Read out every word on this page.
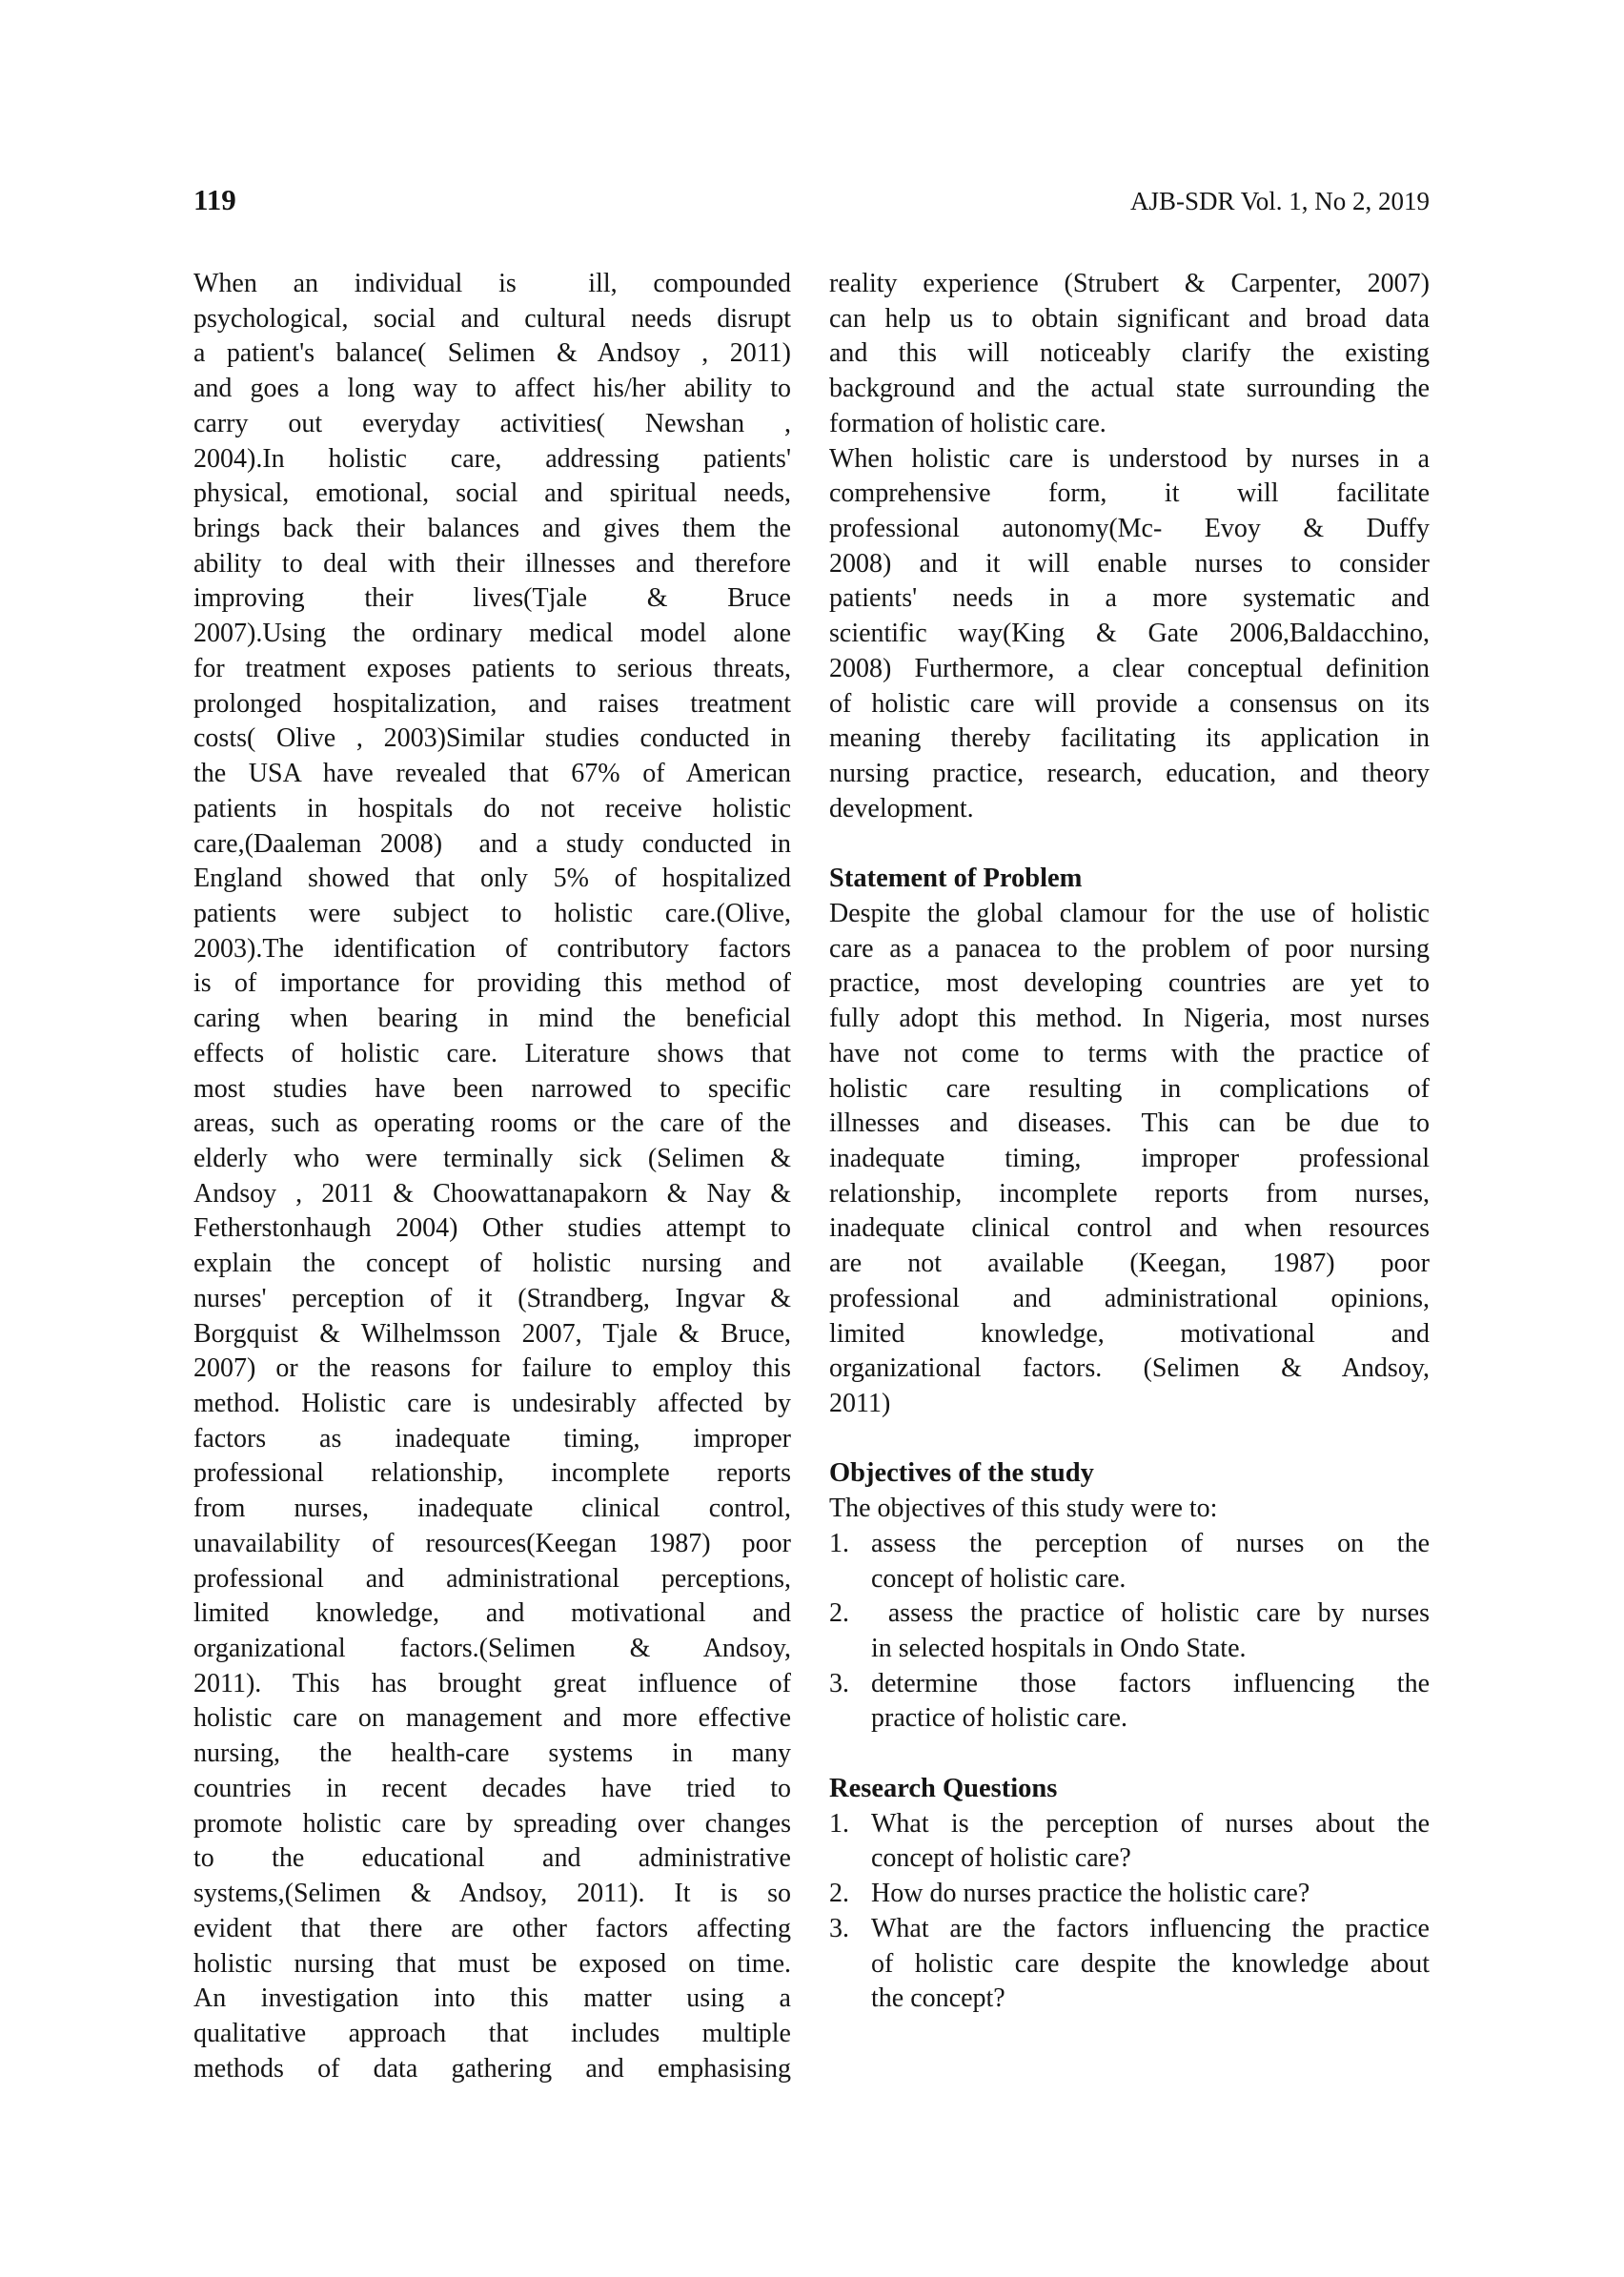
119	AJB-SDR Vol. 1, No 2, 2019
When an individual is  ill, compounded
psychological, social and cultural needs disrupt
a patient's balance( Selimen & Andsoy , 2011)
and goes a long way to affect his/her ability to
carry out everyday activities( Newshan ,
2004).In holistic care, addressing patients'
physical, emotional, social and spiritual needs,
brings back their balances and gives them the
ability to deal with their illnesses and therefore
improving their lives(Tjale & Bruce
2007).Using the ordinary medical model alone
for treatment exposes patients to serious threats,
prolonged hospitalization, and raises treatment
costs( Olive , 2003)Similar studies conducted in
the USA have revealed that 67% of American
patients in hospitals do not receive holistic
care,(Daaleman 2008)  and a study conducted in
England showed that only 5% of hospitalized
patients were subject to holistic care.(Olive,
2003).The identification of contributory factors
is of importance for providing this method of
caring when bearing in mind the beneficial
effects of holistic care. Literature shows that
most studies have been narrowed to specific
areas, such as operating rooms or the care of the
elderly who were terminally sick (Selimen &
Andsoy , 2011 & Choowattanapakorn & Nay &
Fetherstonhaugh 2004) Other studies attempt to
explain the concept of holistic nursing and
nurses' perception of it (Strandberg, Ingvar &
Borgquist & Wilhelmsson 2007, Tjale & Bruce,
2007) or the reasons for failure to employ this
method. Holistic care is undesirably affected by
factors as inadequate timing, improper
professional relationship, incomplete reports
from nurses, inadequate clinical control,
unavailability of resources(Keegan 1987) poor
professional and administrational perceptions,
limited knowledge, and motivational and
organizational factors.(Selimen & Andsoy,
2011). This has brought great influence of
holistic care on management and more effective
nursing, the health-care systems in many
countries in recent decades have tried to
promote holistic care by spreading over changes
to the educational and administrative
systems,(Selimen & Andsoy, 2011). It is so
evident that there are other factors affecting
holistic nursing that must be exposed on time.
An investigation into this matter using a
qualitative approach that includes multiple
methods of data gathering and emphasising
reality experience (Strubert & Carpenter, 2007)
can help us to obtain significant and broad data
and this will noticeably clarify the existing
background and the actual state surrounding the
formation of holistic care.
When holistic care is understood by nurses in a
comprehensive form, it will facilitate
professional autonomy(Mc- Evoy & Duffy
2008) and it will enable nurses to consider
patients' needs in a more systematic and
scientific way(King & Gate 2006,Baldacchino,
2008) Furthermore, a clear conceptual definition
of holistic care will provide a consensus on its
meaning thereby facilitating its application in
nursing practice, research, education, and theory
development.
Statement of Problem
Despite the global clamour for the use of holistic
care as a panacea to the problem of poor nursing
practice, most developing countries are yet to
fully adopt this method. In Nigeria, most nurses
have not come to terms with the practice of
holistic care resulting in complications of
illnesses and diseases. This can be due to
inadequate timing, improper professional
relationship, incomplete reports from nurses,
inadequate clinical control and when resources
are not available (Keegan, 1987) poor
professional and administrational opinions,
limited knowledge, motivational and
organizational factors. (Selimen & Andsoy,
2011)
Objectives of the study
The objectives of this study were to:
1. assess the perception of nurses on the
concept of holistic care.
2. assess the practice of holistic care by nurses
in selected hospitals in Ondo State.
3. determine those factors influencing the
practice of holistic care.
Research Questions
1. What is the perception of nurses about the
concept of holistic care?
2. How do nurses practice the holistic care?
3. What are the factors influencing the practice
of holistic care despite the knowledge about
the concept?
